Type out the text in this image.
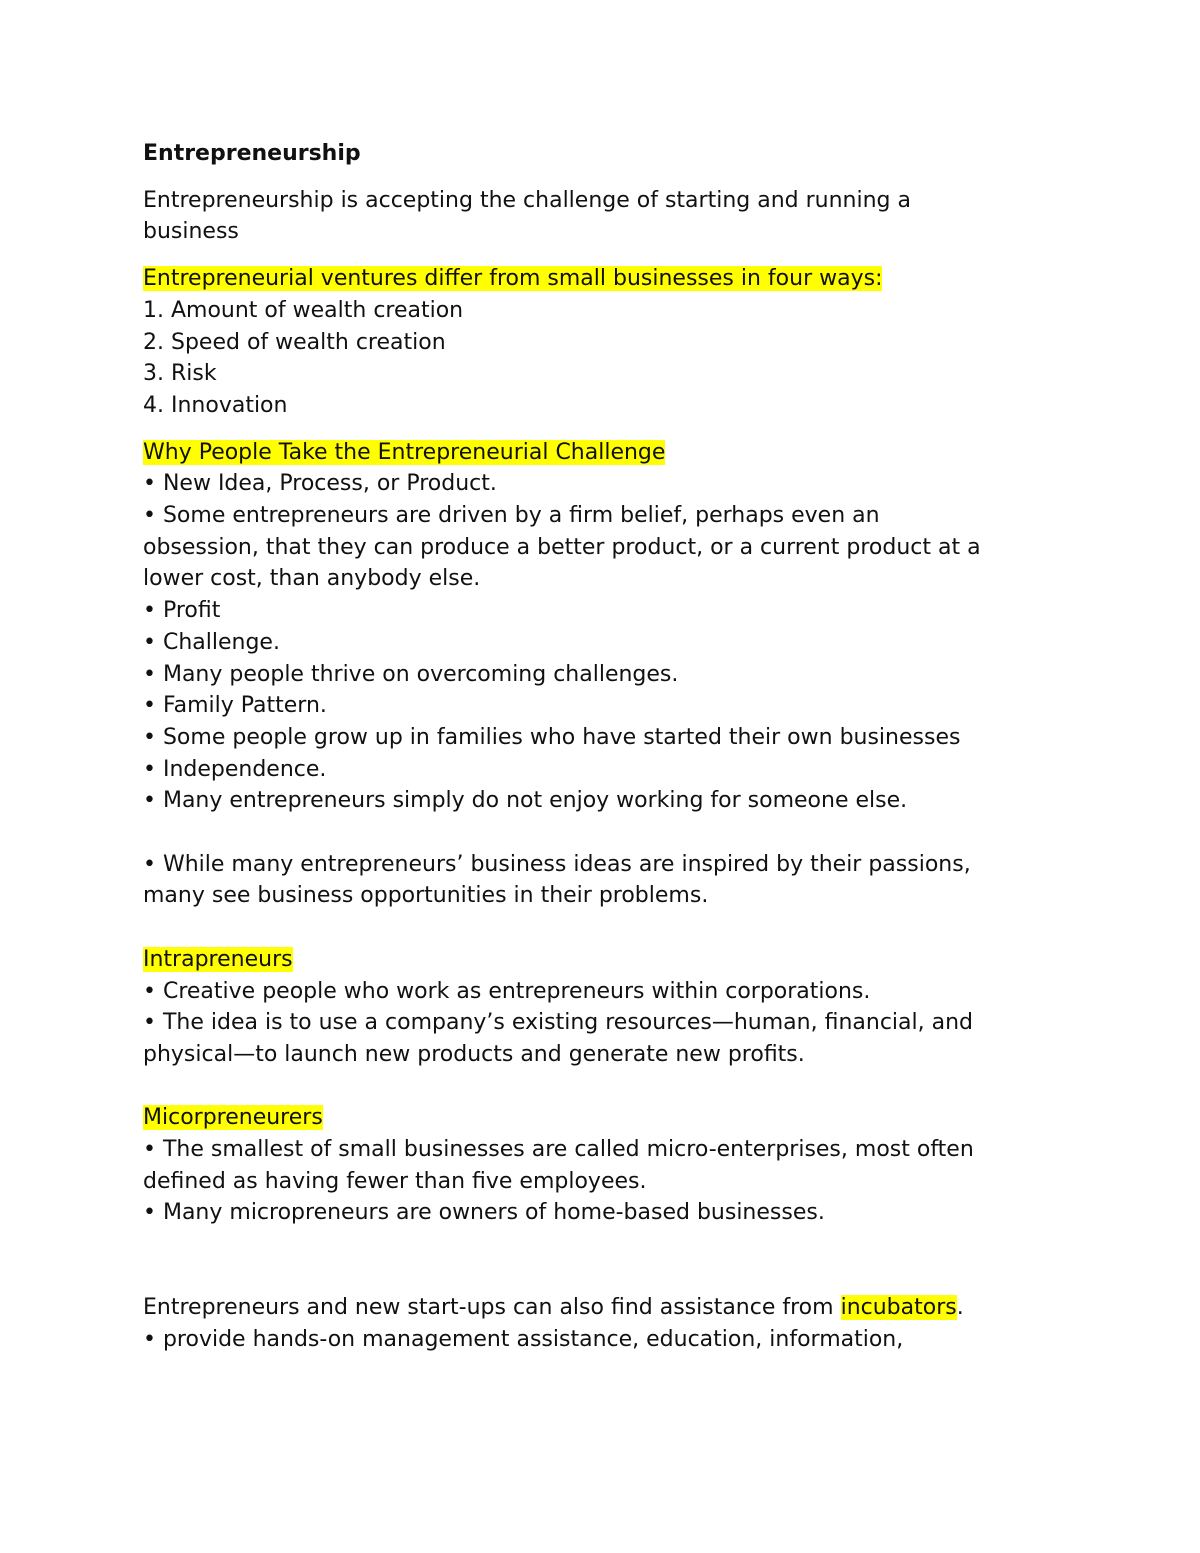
Entrepreneurship
Entrepreneurship is accepting the challenge of starting and running a
business
Entrepreneurial ventures differ from small businesses in four ways:
1. Amount of wealth creation
2. Speed of wealth creation
3. Risk
4. Innovation
Why People Take the Entrepreneurial Challenge
• New Idea, Process, or Product.
• Some entrepreneurs are driven by a firm belief, perhaps even an
obsession, that they can produce a better product, or a current product at a
lower cost, than anybody else.
• Profit
• Challenge.
• Many people thrive on overcoming challenges.
• Family Pattern.
• Some people grow up in families who have started their own businesses
• Independence.
• Many entrepreneurs simply do not enjoy working for someone else.
• While many entrepreneurs’ business ideas are inspired by their passions,
many see business opportunities in their problems.
Intrapreneurs
• Creative people who work as entrepreneurs within corporations.
• The idea is to use a company’s existing resources—human, financial, and
physical—to launch new products and generate new profits.
Micorpreneurers
• The smallest of small businesses are called micro-enterprises, most often
defined as having fewer than five employees.
• Many micropreneurs are owners of home-based businesses.
Entrepreneurs and new start-ups can also find assistance from incubators.
• provide hands-on management assistance, education, information,
